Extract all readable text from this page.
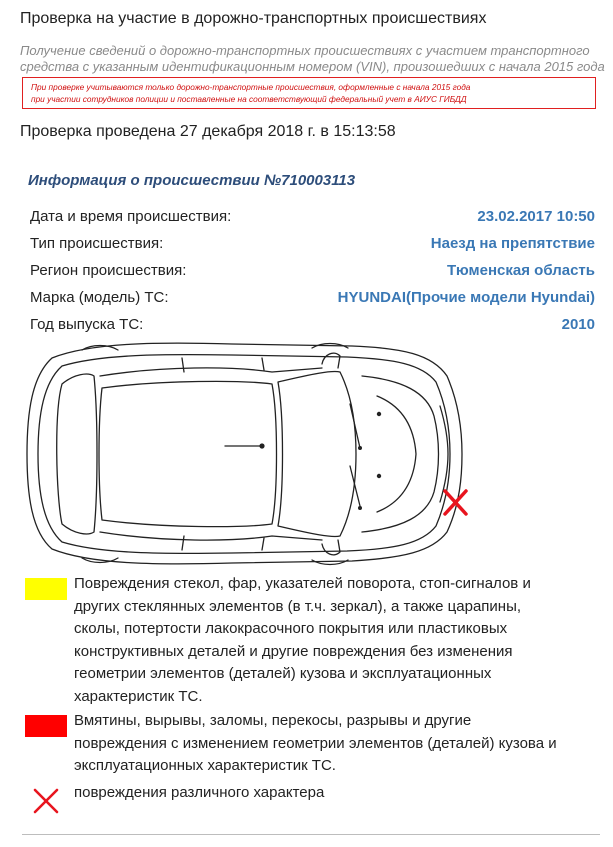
Проверка на участие в дорожно-транспортных происшествиях
Получение сведений о дорожно-транспортных происшествиях с участием транспортного
средства с указанным идентификационным номером (VIN), произошедших с начала 2015 года
При проверке учитываются только дорожно-транспортные происшествия, оформленные с начала 2015 года
при участии сотрудников полиции и поставленные на соответствующий федеральный учет в АИУС ГИБДД
Проверка проведена 27 декабря 2018 г. в 15:13:58
Информация о происшествии №710003113
Дата и время происшествия:	23.02.2017 10:50
Тип происшествия:	Наезд на препятствие
Регион происшествия:	Тюменская область
Марка (модель) ТС:	HYUNDAI(Прочие модели Hyundai)
Год выпуска ТС:	2010
Повреждения стекол, фар, указателей поворота, стоп-сигналов и
других стеклянных элементов (в т.ч. зеркал), а также царапины,
сколы, потертости лакокрасочного покрытия или пластиковых
конструктивных деталей и другие повреждения без изменения
геометрии элементов (деталей) кузова и эксплуатационных
характеристик ТС.
Вмятины, вырывы, заломы, перекосы, разрывы и другие
повреждения с изменением геометрии элементов (деталей) кузова и
эксплуатационных характеристик ТС.
повреждения различного характера
